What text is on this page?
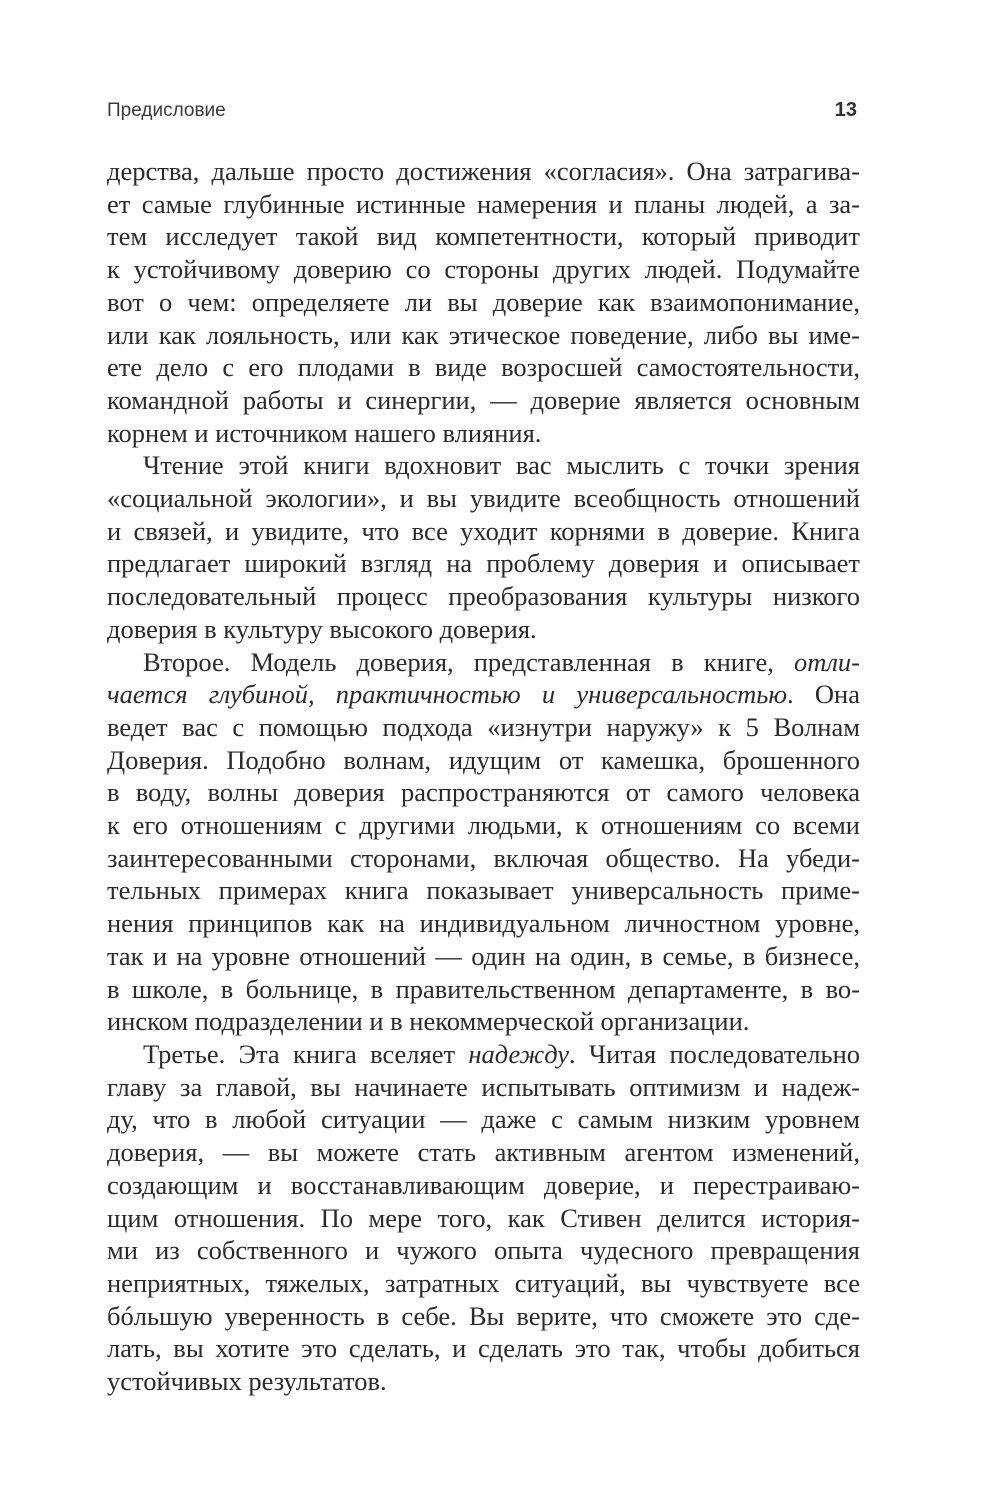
Предисловие	13
дерства, дальше просто достижения «согласия». Она затрагива-
ет самые глубинные истинные намерения и планы людей, а за-
тем исследует такой вид компетентности, который приводит
к устойчивому доверию со стороны других людей. Подумайте
вот о чем: определяете ли вы доверие как взаимопонимание,
или как лояльность, или как этическое поведение, либо вы име-
ете дело с его плодами в виде возросшей самостоятельности,
командной работы и синергии, — доверие является основным
корнем и источником нашего влияния.
Чтение этой книги вдохновит вас мыслить с точки зрения
«социальной экологии», и вы увидите всеобщность отношений
и связей, и увидите, что все уходит корнями в доверие. Книга
предлагает широкий взгляд на проблему доверия и описывает
последовательный процесс преобразования культуры низкого
доверия в культуру высокого доверия.
Второе. Модель доверия, представленная в книге, отли-
чается глубиной, практичностью и универсальностью. Она
ведет вас с помощью подхода «изнутри наружу» к 5 Волнам
Доверия. Подобно волнам, идущим от камешка, брошенного
в воду, волны доверия распространяются от самого человека
к его отношениям с другими людьми, к отношениям со всеми
заинтересованными сторонами, включая общество. На убеди-
тельных примерах книга показывает универсальность приме-
нения принципов как на индивидуальном личностном уровне,
так и на уровне отношений — один на один, в семье, в бизнесе,
в школе, в больнице, в правительственном департаменте, в во-
инском подразделении и в некоммерческой организации.
Третье. Эта книга вселяет надежду. Читая последовательно
главу за главой, вы начинаете испытывать оптимизм и надеж-
ду, что в любой ситуации — даже с самым низким уровнем
доверия, — вы можете стать активным агентом изменений,
создающим и восстанавливающим доверие, и перестраиваю-
щим отношения. По мере того, как Стивен делится история-
ми из собственного и чужого опыта чудесного превращения
неприятных, тяжелых, затратных ситуаций, вы чувствуете все
бóльшую уверенность в себе. Вы верите, что сможете это сде-
лать, вы хотите это сделать, и сделать это так, чтобы добиться
устойчивых результатов.
